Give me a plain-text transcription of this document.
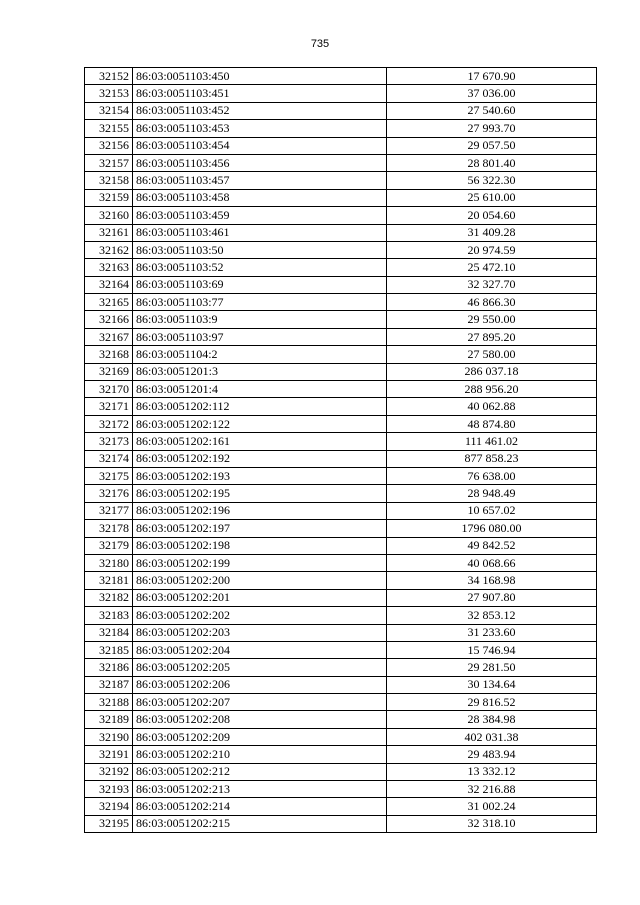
735
32152	86:03:0051103:450	17 670.90
32153	86:03:0051103:451	37 036.00
32154	86:03:0051103:452	27 540.60
32155	86:03:0051103:453	27 993.70
32156	86:03:0051103:454	29 057.50
32157	86:03:0051103:456	28 801.40
32158	86:03:0051103:457	56 322.30
32159	86:03:0051103:458	25 610.00
32160	86:03:0051103:459	20 054.60
32161	86:03:0051103:461	31 409.28
32162	86:03:0051103:50	20 974.59
32163	86:03:0051103:52	25 472.10
32164	86:03:0051103:69	32 327.70
32165	86:03:0051103:77	46 866.30
32166	86:03:0051103:9	29 550.00
32167	86:03:0051103:97	27 895.20
32168	86:03:0051104:2	27 580.00
32169	86:03:0051201:3	286 037.18
32170	86:03:0051201:4	288 956.20
32171	86:03:0051202:112	40 062.88
32172	86:03:0051202:122	48 874.80
32173	86:03:0051202:161	111 461.02
32174	86:03:0051202:192	877 858.23
32175	86:03:0051202:193	76 638.00
32176	86:03:0051202:195	28 948.49
32177	86:03:0051202:196	10 657.02
32178	86:03:0051202:197	1796 080.00
32179	86:03:0051202:198	49 842.52
32180	86:03:0051202:199	40 068.66
32181	86:03:0051202:200	34 168.98
32182	86:03:0051202:201	27 907.80
32183	86:03:0051202:202	32 853.12
32184	86:03:0051202:203	31 233.60
32185	86:03:0051202:204	15 746.94
32186	86:03:0051202:205	29 281.50
32187	86:03:0051202:206	30 134.64
32188	86:03:0051202:207	29 816.52
32189	86:03:0051202:208	28 384.98
32190	86:03:0051202:209	402 031.38
32191	86:03:0051202:210	29 483.94
32192	86:03:0051202:212	13 332.12
32193	86:03:0051202:213	32 216.88
32194	86:03:0051202:214	31 002.24
32195	86:03:0051202:215	32 318.10
